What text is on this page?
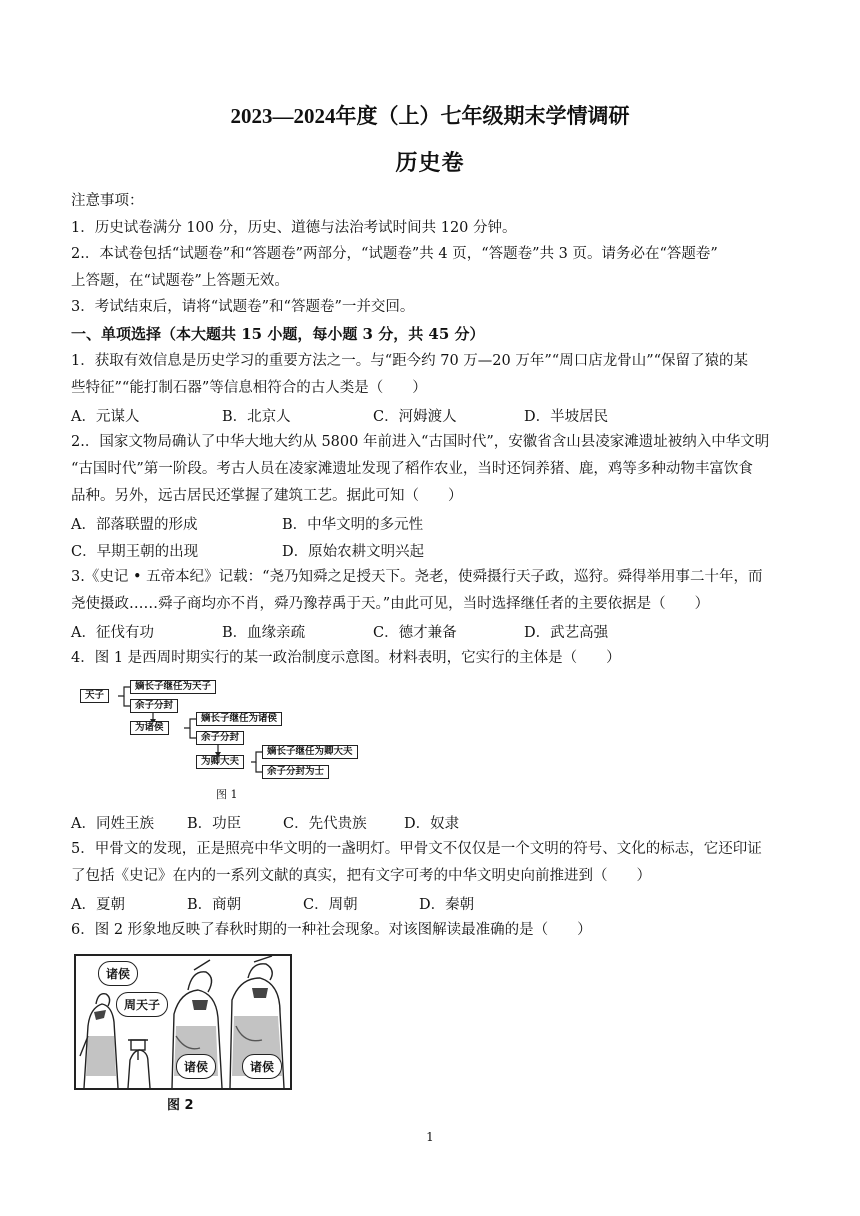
2023—2024年度（上）七年级期末学情调研
历史卷
注意事项：
1．历史试卷满分 100 分，历史、道德与法治考试时间共 120 分钟。
2.．本试卷包括“试题卷”和“答题卷”两部分，“试题卷”共 4 页，“答题卷”共 3 页。请务必在“答题卷”
上答题，在“试题卷”上答题无效。
3．考试结束后，请将“试题卷”和“答题卷”一并交回。
一、单项选择（本大题共 15 小题，每小题 3 分，共 45 分）
1．获取有效信息是历史学习的重要方法之一。与“距今约 70 万—20 万年”“周口店龙骨山”“保留了猿的某
些特征”“能打制石器”等信息相符合的古人类是（　　）
A．元谋人	B．北京人	C．河姆渡人	D．半坡居民
2.．国家文物局确认了中华大地大约从 5800 年前进入“古国时代”，安徽省含山县凌家滩遗址被纳入中华文明
“古国时代”第一阶段。考古人员在凌家滩遗址发现了稻作农业，当时还饲养猪、鹿，鸡等多种动物丰富饮食
品种。另外，远古居民还掌握了建筑工艺。据此可知（　　）
A．部落联盟的形成	B．中华文明的多元性
C．早期王朝的出现	D．原始农耕文明兴起
3.《史记 • 五帝本纪》记载：“尧乃知舜之足授天下。尧老，使舜摄行天子政，巡狩。舜得举用事二十年，而
尧使摄政……舜子商均亦不肖，舜乃豫荐禹于天。”由此可见，当时选择继任者的主要依据是（　　）
A．征伐有功	B．血缘亲疏	C．德才兼备	D．武艺高强
4．图 1 是西周时期实行的某一政治制度示意图。材料表明，它实行的主体是（　　）
天子
嫡长子继任为天子
余子分封
为诸侯
嫡长子继任为诸侯
余子分封
为卿大夫
嫡长子继任为卿大夫
余子分封为士
图 1
A．同姓王族 B．功臣	C．先代贵族	D．奴隶
5．甲骨文的发现，正是照亮中华文明的一盏明灯。甲骨文不仅仅是一个文明的符号、文化的标志，它还印证
了包括《史记》在内的一系列文献的真实，把有文字可考的中华文明史向前推进到（　　）
A．夏朝	B．商朝	C．周朝	D．秦朝
6．图 2 形象地反映了春秋时期的一种社会现象。对该图解读最准确的是（　　）
诸侯
周天子
诸侯	诸侯
图 2
1
